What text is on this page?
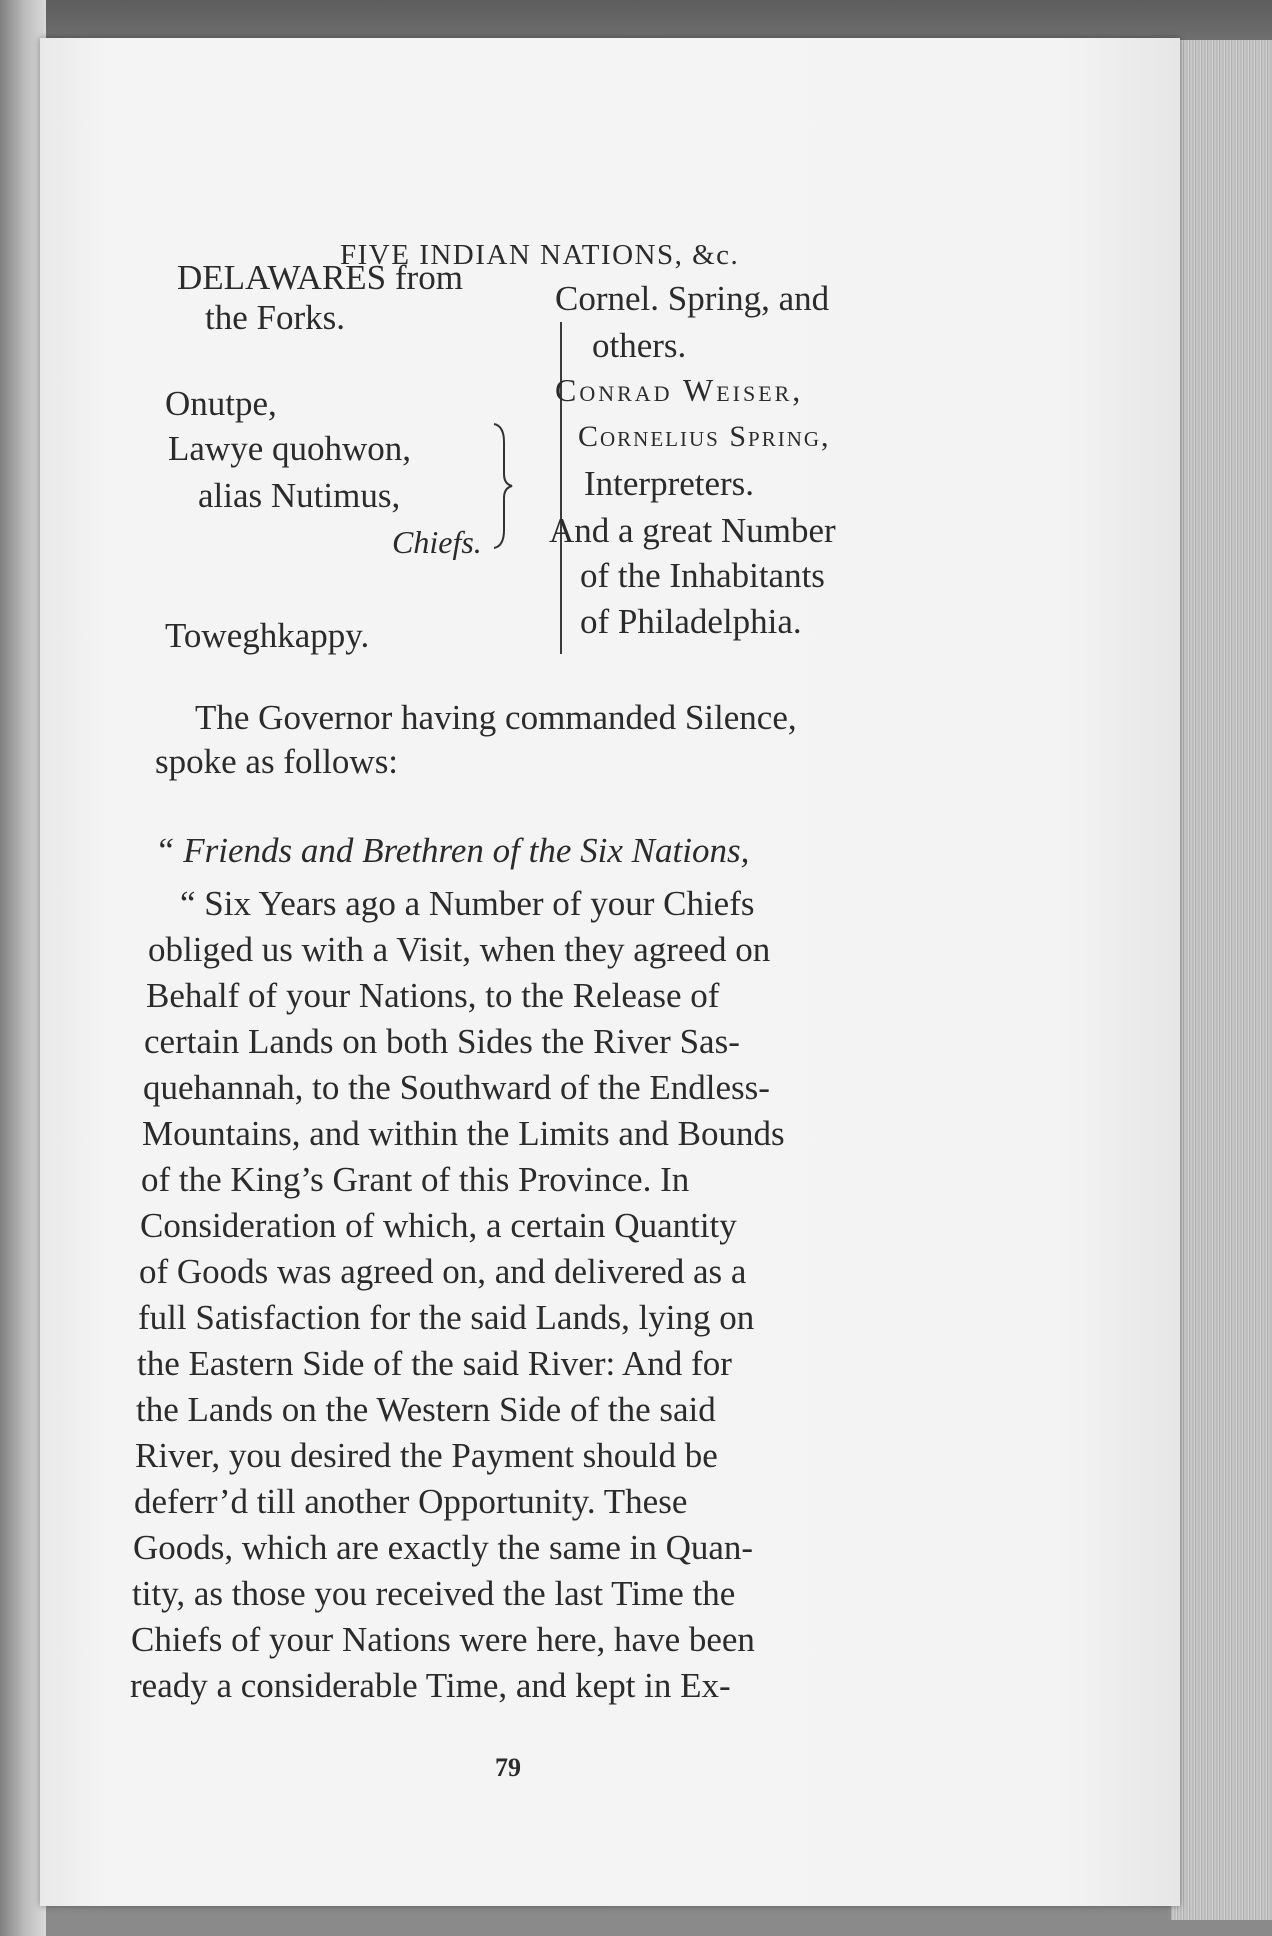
FIVE INDIAN NATIONS, &c.
DELAWARES from
the Forks.
Onutpe,
Lawye quohwon,
alias Nutimus,
Chiefs.
Toweghkappy.
Cornel. Spring, and
others.
Conrad Weiser,
Cornelius Spring,
Interpreters.
And a great Number
of the Inhabitants
of Philadelphia.
The Governor having commanded Silence,
spoke as follows:
“ Friends and Brethren of the Six Nations,
“ Six Years ago a Number of your Chiefs
obliged us with a Visit, when they agreed on
Behalf of your Nations, to the Release of
certain Lands on both Sides the River Sas-
quehannah, to the Southward of the Endless-
Mountains, and within the Limits and Bounds
of the King’s Grant of this Province. In
Consideration of which, a certain Quantity
of Goods was agreed on, and delivered as a
full Satisfaction for the said Lands, lying on
the Eastern Side of the said River: And for
the Lands on the Western Side of the said
River, you desired the Payment should be
deferr’d till another Opportunity. These
Goods, which are exactly the same in Quan-
tity, as those you received the last Time the
Chiefs of your Nations were here, have been
ready a considerable Time, and kept in Ex-
79
